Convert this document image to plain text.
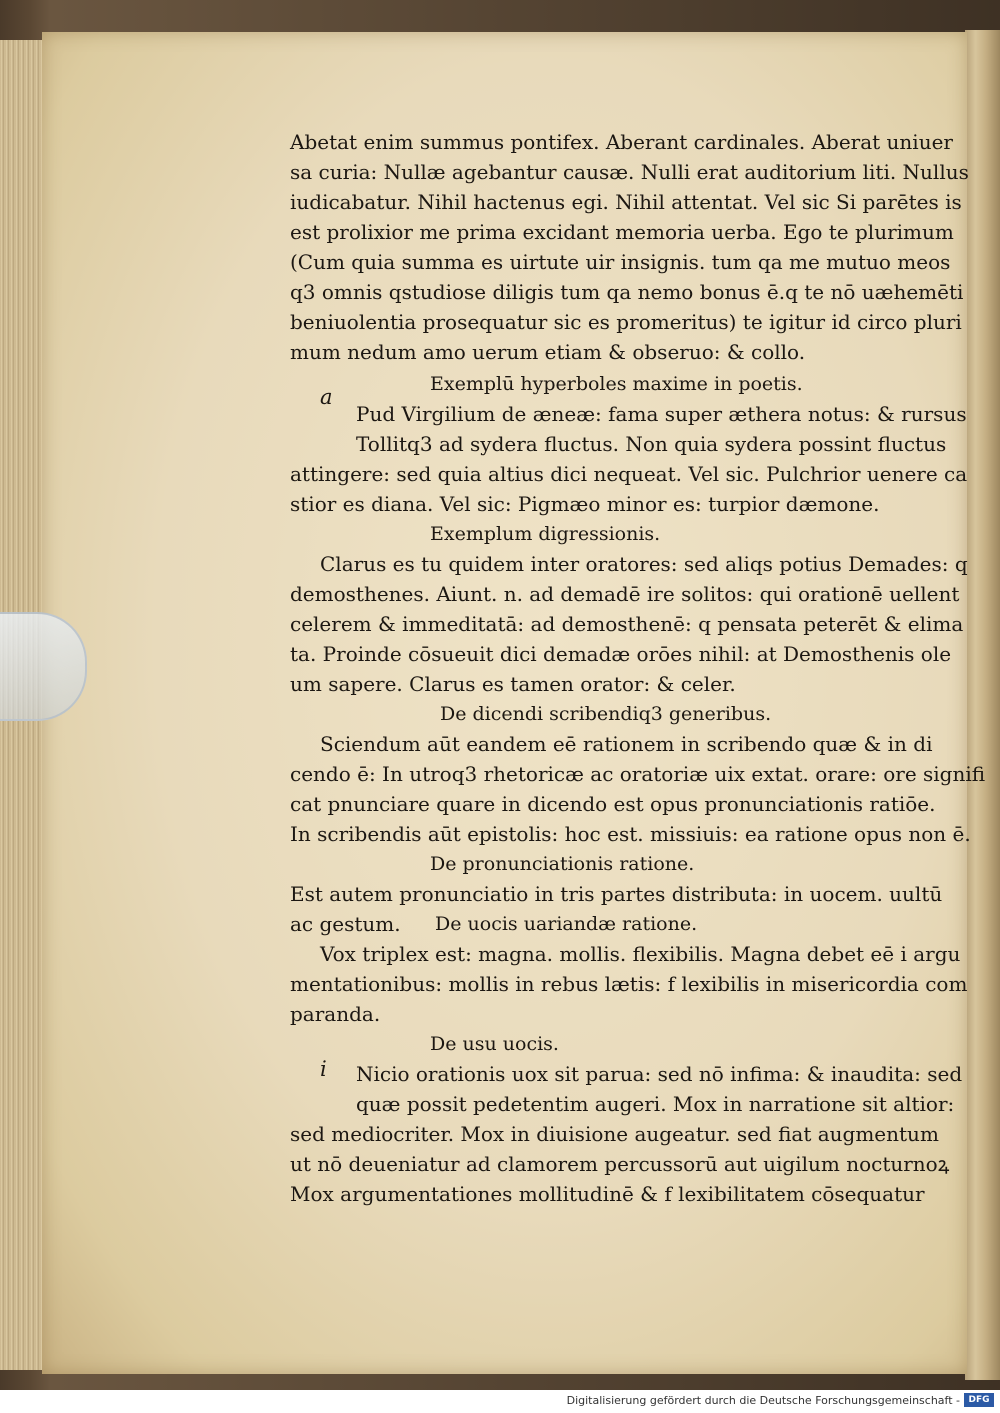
Abetat enim summus pontifex. Aberant cardinales. Aberat uniuer
sa curia: Nullæ agebantur causæ. Nulli erat auditorium liti. Nullus
iudicabatur. Nihil hactenus egi. Nihil attentat. Vel sic Si parētes is
est prolixior me prima excidant memoria uerba. Ego te plurimum
(Cum quia summa es uirtute uir insignis. tum qa me mutuo meos
q3 omnis qstudiose diligis tum qa nemo bonus ē.q te nō uæhemēti
beniuolentia prosequatur sic es promeritus) te igitur id circo pluri
mum nedum amo uerum etiam & obseruo: & collo.
Exemplū hyperboles maxime in poetis.
a
Pud Virgilium de æneæ: fama super æthera notus: & rursus
Tollitq3 ad sydera fluctus. Non quia sydera possint fluctus
attingere: sed quia altius dici nequeat. Vel sic. Pulchrior uenere ca
stior es diana. Vel sic: Pigmæo minor es: turpior dæmone.
Exemplum digressionis.
Clarus es tu quidem inter oratores: sed aliqs potius Demades: q
demosthenes. Aiunt. n. ad demadē ire solitos: qui orationē uellent
celerem & immeditatā: ad demosthenē: q pensata peterēt & elima
ta. Proinde cōsueuit dici demadæ orōes nihil: at Demosthenis ole
um sapere. Clarus es tamen orator: & celer.
De dicendi scribendiq3 generibus.
Sciendum aūt eandem eē rationem in scribendo quæ & in di
cendo ē: In utroq3 rhetoricæ ac oratoriæ uix extat. orare: ore signifi
cat pnunciare quare in dicendo est opus pronunciationis ratiōe.
In scribendis aūt epistolis: hoc est. missiuis: ea ratione opus non ē.
De pronunciationis ratione.
Est autem pronunciatio in tris partes distributa: in uocem. uultū
ac gestum. De uocis uariandæ ratione.
Vox triplex est: magna. mollis. flexibilis. Magna debet eē i argu
mentationibus: mollis in rebus lætis: f lexibilis in misericordia com
paranda.
De usu uocis.
i Nicio orationis uox sit parua: sed nō infima: & inaudita: sed
quæ possit pedetentim augeri. Mox in narratione sit altior:
sed mediocriter. Mox in diuisione augeatur. sed fiat augmentum
ut nō deueniatur ad clamorem percussorū aut uigilum nocturnoꝝ
Mox argumentationes mollitudinē & f lexibilitatem cōsequatur
Digitalisierung gefördert durch die Deutsche Forschungsgemeinschaft - DFG
